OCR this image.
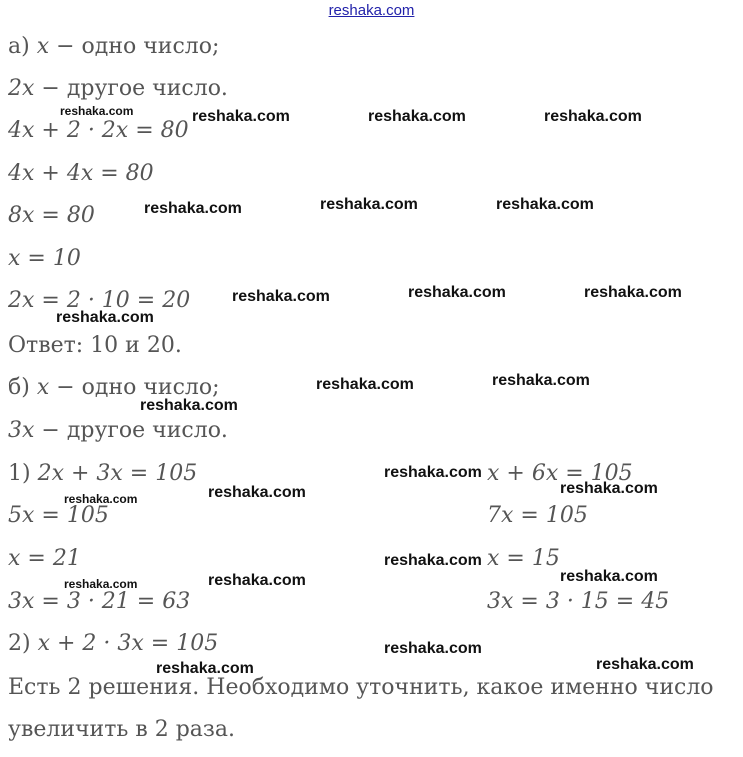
reshaka.com
а) x − одно число;
2x − другое число.
4x + 2 · 2x = 80
4x + 4x = 80
8x = 80
x = 10
2x = 2 · 10 = 20
Ответ: 10 и 20.
б) x − одно число;
3x − другое число.
1) 2x + 3x = 105
5x = 105
x = 21
3x = 3 · 21 = 63
2) x + 2 · 3x = 105
x + 6x = 105
7x = 105
x = 15
3x = 3 · 15 = 45
Есть 2 решения. Необходимо уточнить, какое именно число
увеличить в 2 раза.
reshaka.com	reshaka.com	reshaka.com	reshaka.com
reshaka.com	reshaka.com	reshaka.com
reshaka.com	reshaka.com	reshaka.com
reshaka.com
reshaka.com	reshaka.com
reshaka.com
reshaka.com
reshaka.com	reshaka.com	reshaka.com
reshaka.com
reshaka.com	reshaka.com	reshaka.com
reshaka.com
reshaka.com	reshaka.com
